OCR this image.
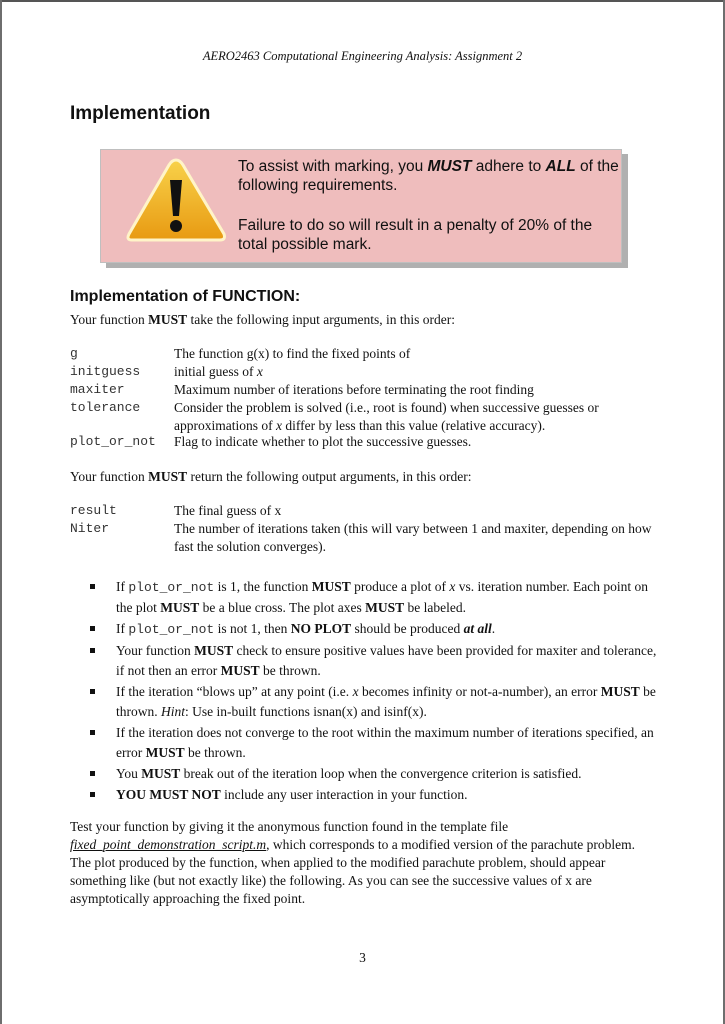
AERO2463 Computational Engineering Analysis: Assignment 2
Implementation
To assist with marking, you MUST adhere to ALL of the following requirements.
Failure to do so will result in a penalty of 20% of the total possible mark.
Implementation of FUNCTION:
Your function MUST take the following input arguments, in this order:
g	The function g(x) to find the fixed points of
initguess	initial guess of x
maxiter	Maximum number of iterations before terminating the root finding
tolerance	Consider the problem is solved (i.e., root is found) when successive guesses or approximations of x differ by less than this value (relative accuracy).
plot_or_not Flag to indicate whether to plot the successive guesses.
Your function MUST return the following output arguments, in this order:
result	The final guess of x
Niter	The number of iterations taken (this will vary between 1 and maxiter, depending on how fast the solution converges).
If plot_or_not is 1, the function MUST produce a plot of x vs. iteration number. Each point on the plot MUST be a blue cross. The plot axes MUST be labeled.
If plot_or_not is not 1, then NO PLOT should be produced at all.
Your function MUST check to ensure positive values have been provided for maxiter and tolerance, if not then an error MUST be thrown.
If the iteration “blows up” at any point (i.e. x becomes infinity or not-a-number), an error MUST be thrown. Hint: Use in-built functions isnan(x) and isinf(x).
If the iteration does not converge to the root within the maximum number of iterations specified, an error MUST be thrown.
You MUST break out of the iteration loop when the convergence criterion is satisfied.
YOU MUST NOT include any user interaction in your function.
Test your function by giving it the anonymous function found in the template file fixed_point_demonstration_script.m, which corresponds to a modified version of the parachute problem. The plot produced by the function, when applied to the modified parachute problem, should appear something like (but not exactly like) the following. As you can see the successive values of x are asymptotically approaching the fixed point.
3
